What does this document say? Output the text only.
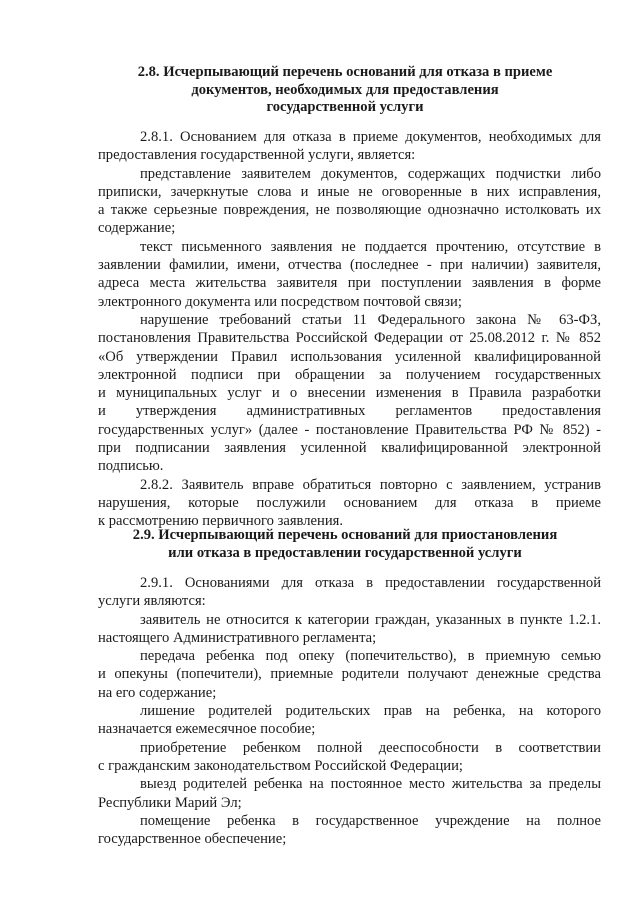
2.8. Исчерпывающий перечень оснований для отказа в приеме
документов, необходимых для предоставления
государственной услуги
2.8.1. Основанием для отказа в приеме документов, необходимых для
предоставления государственной услуги, является:
представление заявителем документов, содержащих подчистки либо
приписки, зачеркнутые слова и иные не оговоренные в них исправления,
а также серьезные повреждения, не позволяющие однозначно истолковать их
содержание;
текст письменного заявления не поддается прочтению, отсутствие в
заявлении фамилии, имени, отчества (последнее - при наличии) заявителя,
адреса места жительства заявителя при поступлении заявления в форме
электронного документа или посредством почтовой связи;
нарушение требований статьи 11 Федерального закона № 63-ФЗ,
постановления Правительства Российской Федерации от 25.08.2012 г. № 852
«Об утверждении Правил использования усиленной квалифицированной
электронной подписи при обращении за получением государственных
и муниципальных услуг и о внесении изменения в Правила разработки
и утверждения административных регламентов предоставления
государственных услуг» (далее - постановление Правительства РФ № 852) -
при подписании заявления усиленной квалифицированной электронной
подписью.
2.8.2. Заявитель вправе обратиться повторно с заявлением, устранив
нарушения, которые послужили основанием для отказа в приеме
к рассмотрению первичного заявления.
2.9. Исчерпывающий перечень оснований для приостановления
или отказа в предоставлении государственной услуги
2.9.1. Основаниями для отказа в предоставлении государственной
услуги являются:
заявитель не относится к категории граждан, указанных в пункте 1.2.1.
настоящего Административного регламента;
передача ребенка под опеку (попечительство), в приемную семью
и опекуны (попечители), приемные родители получают денежные средства
на его содержание;
лишение родителей родительских прав на ребенка, на которого
назначается ежемесячное пособие;
приобретение ребенком полной дееспособности в соответствии
с гражданским законодательством Российской Федерации;
выезд родителей ребенка на постоянное место жительства за пределы
Республики Марий Эл;
помещение ребенка в государственное учреждение на полное
государственное обеспечение;
